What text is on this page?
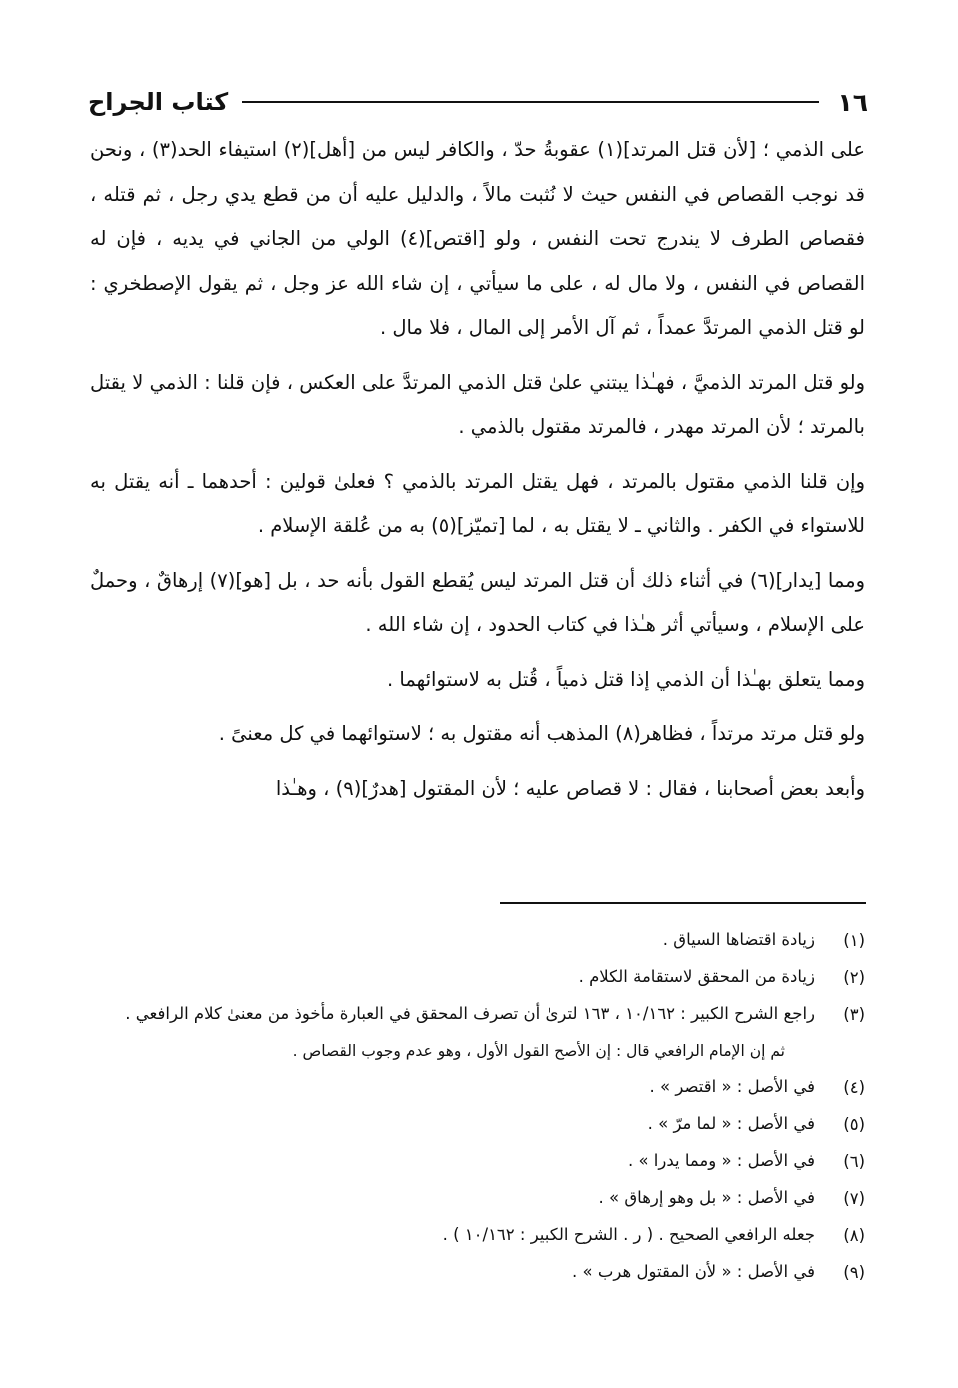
١٦
كتاب الجراح

على الذمي ؛ [لأن قتل المرتد](١) عقوبةُ حدّ ، والكافر ليس من [أهل](٢) استيفاء الحد(٣) ، ونحن قد نوجب القصاص في النفس حيث لا نُثبت مالاً ، والدليل عليه أن من قطع يدي رجل ، ثم قتله ، فقصاص الطرف لا يندرج تحت النفس ، ولو [اقتص](٤) الولي من الجاني في يديه ، فإن له القصاص في النفس ، ولا مال له ، على ما سيأتي ، إن شاء الله عز وجل ، ثم يقول الإصطخري : لو قتل الذمي المرتدَّ عمداً ، ثم آل الأمر إلى المال ، فلا مال .

ولو قتل المرتد الذميَّ ، فهـٰذا يبتني علىٰ قتل الذمي المرتدَّ على العكس ، فإن قلنا : الذمي لا يقتل بالمرتد ؛ لأن المرتد مهدر ، فالمرتد مقتول بالذمي .

وإن قلنا الذمي مقتول بالمرتد ، فهل يقتل المرتد بالذمي ؟ فعلىٰ قولين : أحدهما ـ أنه يقتل به للاستواء في الكفر . والثاني ـ لا يقتل به ، لما [تميّز](٥) به من عُلقة الإسلام .

ومما [يدار](٦) في أثناء ذلك أن قتل المرتد ليس يُقطع القول بأنه حد ، بل [هو](٧) إرهاقٌ ، وحملٌ على الإسلام ، وسيأتي أثر هـٰذا في كتاب الحدود ، إن شاء الله .

ومما يتعلق بهـٰذا أن الذمي إذا قتل ذمياً ، قُتل به لاستوائهما .

ولو قتل مرتد مرتداً ، فظاهر(٨) المذهب أنه مقتول به ؛ لاستوائهما في كل معنىً .

وأبعد بعض أصحابنا ، فقال : لا قصاص عليه ؛ لأن المقتول [هدرٌ](٩) ، وهـٰذا

(١)
زيادة اقتضاها السياق .
(٢)
زيادة من المحقق لاستقامة الكلام .
(٣)
راجع الشرح الكبير : ١٠/١٦٢ ، ١٦٣ لترىٰ أن تصرف المحقق في العبارة مأخوذ من معنىٰ كلام الرافعي .
ثم إن الإمام الرافعي قال : إن الأصح القول الأول ، وهو عدم وجوب القصاص .
(٤)
في الأصل : « اقتصر » .
(٥)
في الأصل : « لما مرّ » .
(٦)
في الأصل : « ومما يدرا » .
(٧)
في الأصل : « بل وهو إرهاق » .
(٨)
جعله الرافعي الصحيح . ( ر . الشرح الكبير : ١٠/١٦٢ ) .
(٩)
في الأصل : « لأن المقتول هرب » .
